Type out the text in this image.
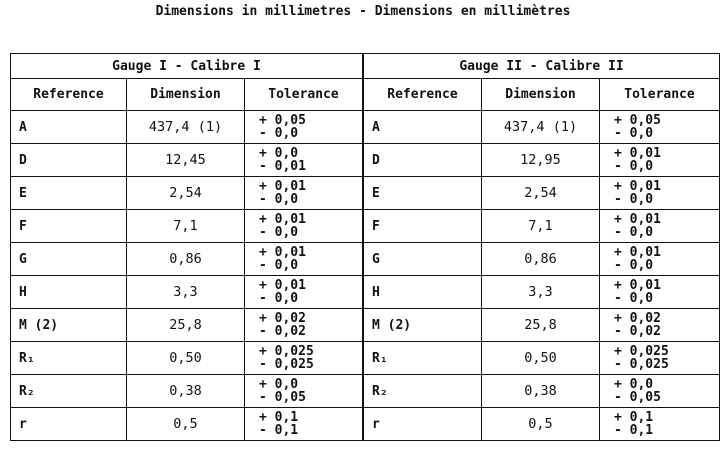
Dimensions in millimetres - Dimensions en millimètres
Gauge I - Calibre I		
Reference	Dimension	Tolerance
A	437,4 (1)	+ 0,05
- 0,0

D	12,45	+ 0,0
- 0,01

E	2,54	+ 0,01
- 0,0

F	7,1	+ 0,01
- 0,0

G	0,86	+ 0,01
- 0,0

H	3,3	+ 0,01
- 0,0

M (2)	25,8	+ 0,02
- 0,02

R₁	0,50	+ 0,025
- 0,025

R₂	0,38	+ 0,0
- 0,05

r	0,5	+ 0,1
- 0,1
Gauge II - Calibre II		
Reference	Dimension	Tolerance
A	437,4 (1)	+ 0,05
- 0,0

D	12,95	+ 0,01
- 0,0

E	2,54	+ 0,01
- 0,0

F	7,1	+ 0,01
- 0,0

G	0,86	+ 0,01
- 0,0

H	3,3	+ 0,01
- 0,0

M (2)	25,8	+ 0,02
- 0,02

R₁	0,50	+ 0,025
- 0,025

R₂	0,38	+ 0,0
- 0,05

r	0,5	+ 0,1
- 0,1
